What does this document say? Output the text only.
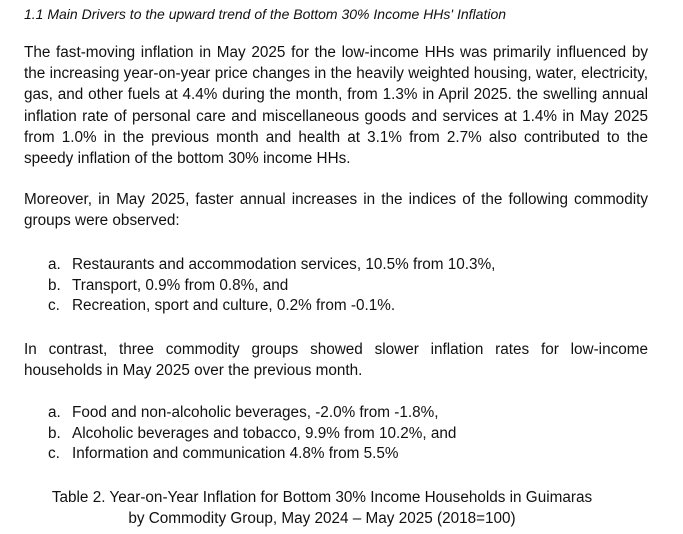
1.1 Main Drivers to the upward trend of the Bottom 30% Income HHs' Inflation

The fast-moving inflation in May 2025 for the low-income HHs was primarily influenced by the increasing year-on-year price changes in the heavily weighted housing, water, electricity, gas, and other fuels at 4.4% during the month, from 1.3% in April 2025. the swelling annual inflation rate of personal care and miscellaneous goods and services at 1.4% in May 2025 from 1.0% in the previous month and health at 3.1% from 2.7% also contributed to the speedy inflation of the bottom 30% income HHs.

Moreover, in May 2025, faster annual increases in the indices of the following commodity groups were observed:

a. Restaurants and accommodation services, 10.5% from 10.3%,
b. Transport, 0.9% from 0.8%, and
c. Recreation, sport and culture, 0.2% from -0.1%.

In contrast, three commodity groups showed slower inflation rates for low-income households in May 2025 over the previous month.

a. Food and non-alcoholic beverages, -2.0% from -1.8%,
b. Alcoholic beverages and tobacco, 9.9% from 10.2%, and
c. Information and communication 4.8% from 5.5%
Table 2. Year-on-Year Inflation for Bottom 30% Income Households in Guimaras
by Commodity Group, May 2024 – May 2025 (2018=100)
